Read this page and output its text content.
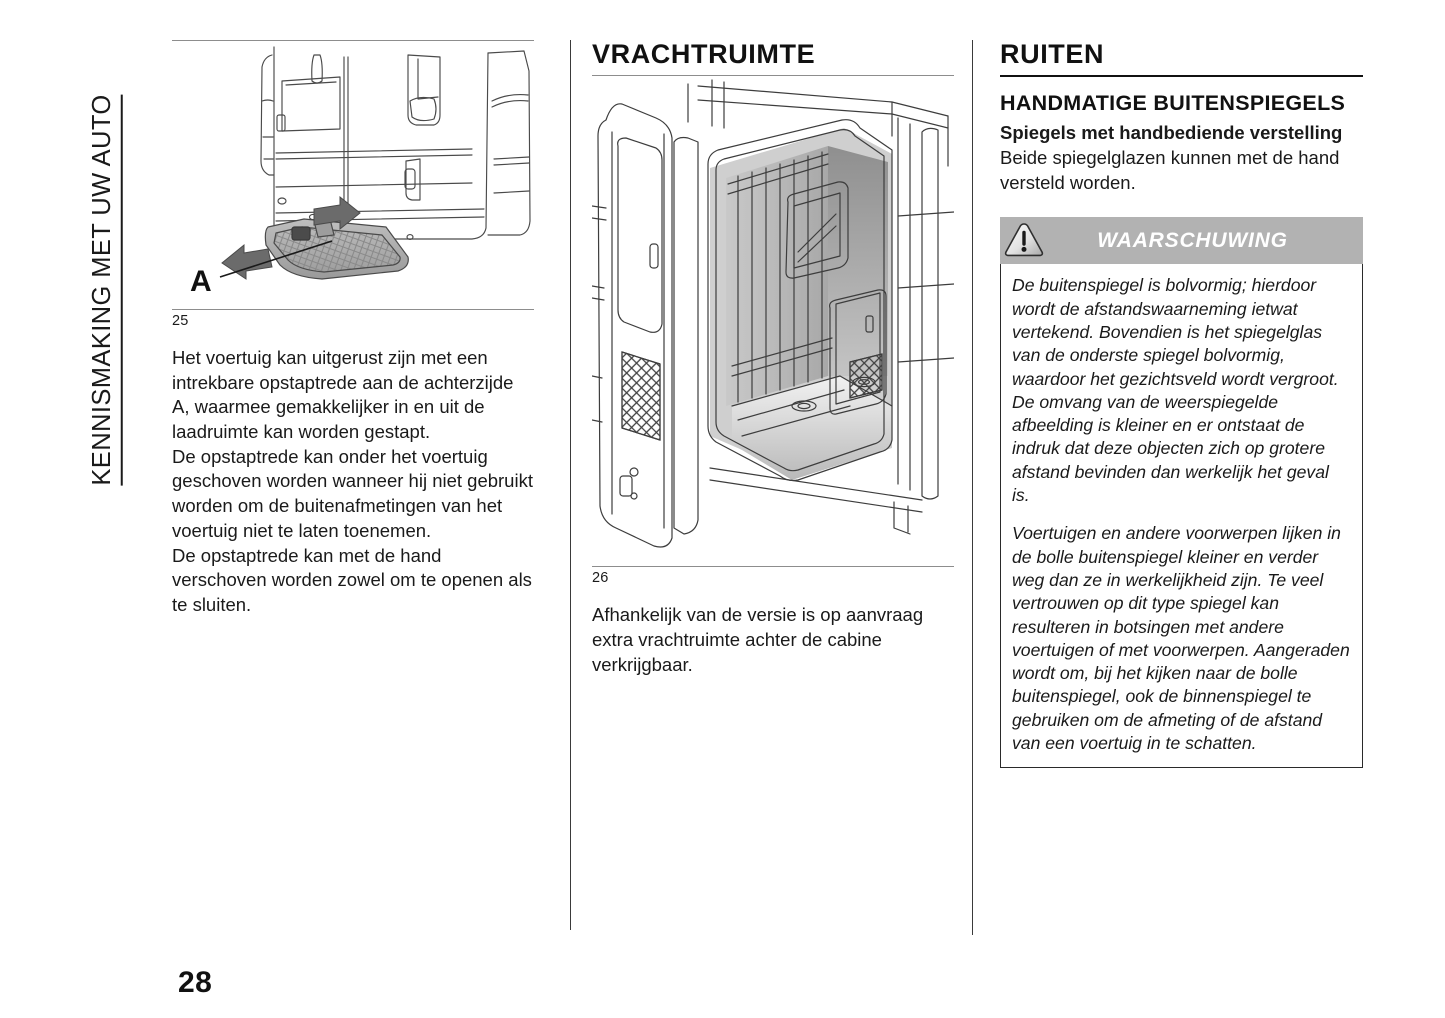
KENNISMAKING MET UW AUTO A
25

Het voertuig kan uitgerust zijn met een intrekbare opstaptrede aan de achterzijde A, waarmee gemakkelijker in en uit de laadruimte kan worden gestapt.

De opstaptrede kan onder het voertuig geschoven worden wanneer hij niet gebruikt worden om de buitenafmetingen van het voertuig niet te laten toenemen.

De opstaptrede kan met de hand verschoven worden zowel om te openen als te sluiten.

VRACHTRUIMTE
26

Afhankelijk van de versie is op aanvraag extra vrachtruimte achter de cabine verkrijgbaar.

RUITEN
HANDMATIGE BUITENSPIEGELS
Spiegels met handbediende verstelling

Beide spiegelglazen kunnen met de hand versteld worden.

WAARSCHUWING

De buitenspiegel is bolvormig; hierdoor wordt de afstandswaarneming ietwat vertekend. Bovendien is het spiegelglas van de onderste spiegel bolvormig, waardoor het gezichtsveld wordt vergroot. De omvang van de weerspiegelde afbeelding is kleiner en er ontstaat de indruk dat deze objecten zich op grotere afstand bevinden dan werkelijk het geval is.

Voertuigen en andere voorwerpen lijken in de bolle buitenspiegel kleiner en verder weg dan ze in werkelijkheid zijn. Te veel vertrouwen op dit type spiegel kan resulteren in botsingen met andere voertuigen of met voorwerpen. Aangeraden wordt om, bij het kijken naar de bolle buitenspiegel, ook de binnenspiegel te gebruiken om de afmeting of de afstand van een voertuig in te schatten.

28
